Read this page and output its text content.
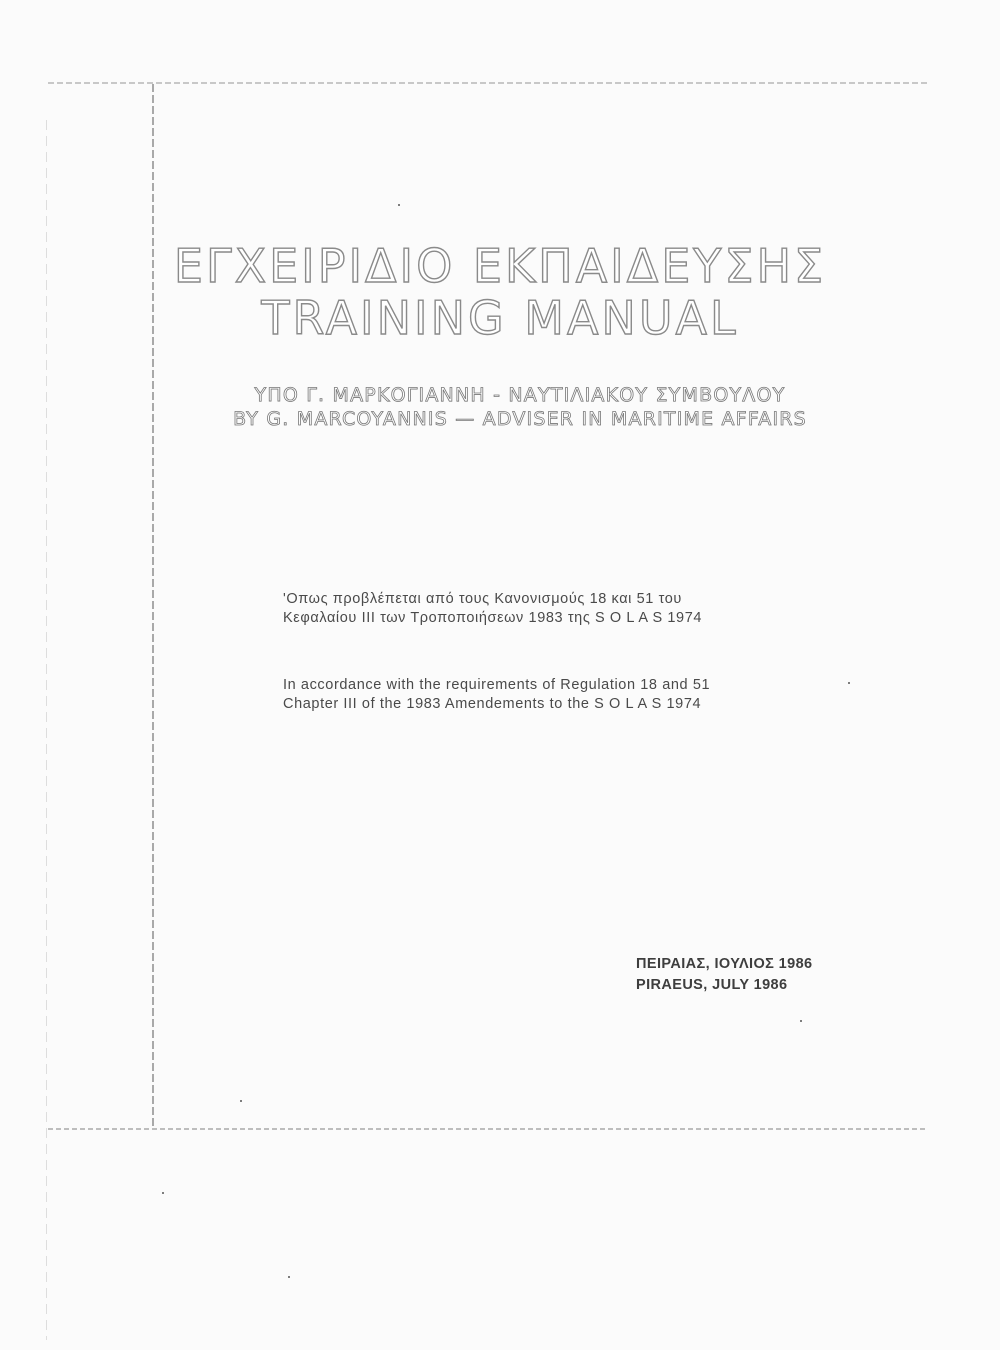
ΕΓΧΕΙΡΙΔΙΟ ΕΚΠΑΙΔΕΥΣΗΣ
TRAINING MANUAL
ΥΠΟ Γ. ΜΑΡΚΟΓΙΑΝΝΗ - ΝΑΥΤΙΛΙΑΚΟΥ ΣΥΜΒΟΥΛΟΥ
BY G. MARCOYANNIS — ADVISER IN MARITIME AFFAIRS
'Οπως προβλέπεται από τους Κανονισμούς 18 και 51 του
Κεφαλαίου III των Τροποποιήσεων 1983 της S O L A S 1974
In accordance with the requirements of Regulation 18 and 51
Chapter III of the 1983 Amendements to the S O L A S 1974
ΠΕΙΡΑΙΑΣ, ΙΟΥΛΙΟΣ 1986
PIRAEUS, JULY 1986
